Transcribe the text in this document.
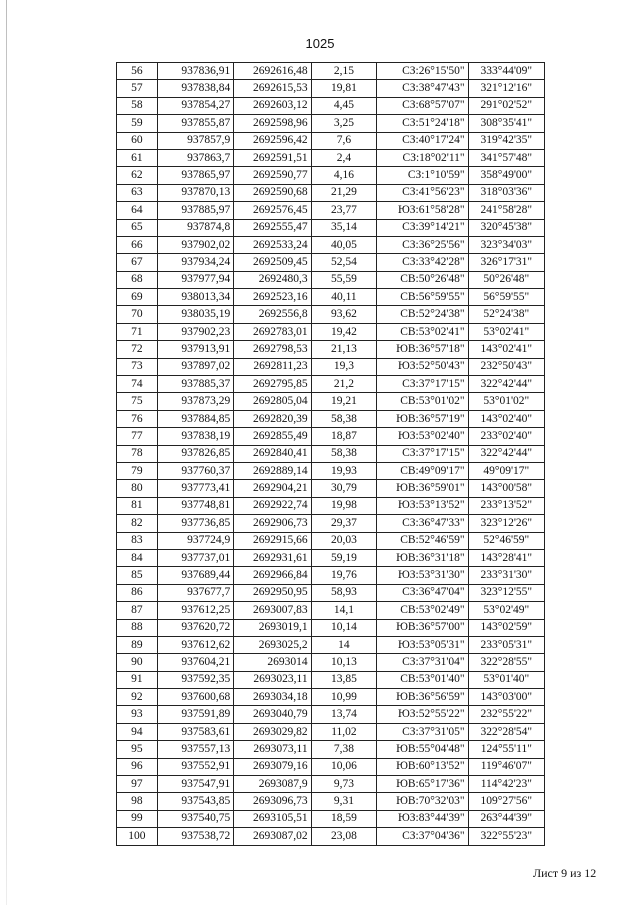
1025
56	937836,91	2692616,48	2,15	СЗ:26°15'50"	333°44'09"
57	937838,84	2692615,53	19,81	СЗ:38°47'43"	321°12'16"
58	937854,27	2692603,12	4,45	СЗ:68°57'07"	291°02'52"
59	937855,87	2692598,96	3,25	СЗ:51°24'18"	308°35'41"
60	937857,9	2692596,42	7,6	СЗ:40°17'24"	319°42'35"
61	937863,7	2692591,51	2,4	СЗ:18°02'11"	341°57'48"
62	937865,97	2692590,77	4,16	СЗ:1°10'59"	358°49'00"
63	937870,13	2692590,68	21,29	СЗ:41°56'23"	318°03'36"
64	937885,97	2692576,45	23,77	ЮЗ:61°58'28"	241°58'28"
65	937874,8	2692555,47	35,14	СЗ:39°14'21"	320°45'38"
66	937902,02	2692533,24	40,05	СЗ:36°25'56"	323°34'03"
67	937934,24	2692509,45	52,54	СЗ:33°42'28"	326°17'31"
68	937977,94	2692480,3	55,59	СВ:50°26'48"	50°26'48"
69	938013,34	2692523,16	40,11	СВ:56°59'55"	56°59'55"
70	938035,19	2692556,8	93,62	СВ:52°24'38"	52°24'38"
71	937902,23	2692783,01	19,42	СВ:53°02'41"	53°02'41"
72	937913,91	2692798,53	21,13	ЮВ:36°57'18"	143°02'41"
73	937897,02	2692811,23	19,3	ЮЗ:52°50'43"	232°50'43"
74	937885,37	2692795,85	21,2	СЗ:37°17'15"	322°42'44"
75	937873,29	2692805,04	19,21	СВ:53°01'02"	53°01'02"
76	937884,85	2692820,39	58,38	ЮВ:36°57'19"	143°02'40"
77	937838,19	2692855,49	18,87	ЮЗ:53°02'40"	233°02'40"
78	937826,85	2692840,41	58,38	СЗ:37°17'15"	322°42'44"
79	937760,37	2692889,14	19,93	СВ:49°09'17"	49°09'17"
80	937773,41	2692904,21	30,79	ЮВ:36°59'01"	143°00'58"
81	937748,81	2692922,74	19,98	ЮЗ:53°13'52"	233°13'52"
82	937736,85	2692906,73	29,37	СЗ:36°47'33"	323°12'26"
83	937724,9	2692915,66	20,03	СВ:52°46'59"	52°46'59"
84	937737,01	2692931,61	59,19	ЮВ:36°31'18"	143°28'41"
85	937689,44	2692966,84	19,76	ЮЗ:53°31'30"	233°31'30"
86	937677,7	2692950,95	58,93	СЗ:36°47'04"	323°12'55"
87	937612,25	2693007,83	14,1	СВ:53°02'49"	53°02'49"
88	937620,72	2693019,1	10,14	ЮВ:36°57'00"	143°02'59"
89	937612,62	2693025,2	14	ЮЗ:53°05'31"	233°05'31"
90	937604,21	2693014	10,13	СЗ:37°31'04"	322°28'55"
91	937592,35	2693023,11	13,85	СВ:53°01'40"	53°01'40"
92	937600,68	2693034,18	10,99	ЮВ:36°56'59"	143°03'00"
93	937591,89	2693040,79	13,74	ЮЗ:52°55'22"	232°55'22"
94	937583,61	2693029,82	11,02	СЗ:37°31'05"	322°28'54"
95	937557,13	2693073,11	7,38	ЮВ:55°04'48"	124°55'11"
96	937552,91	2693079,16	10,06	ЮВ:60°13'52"	119°46'07"
97	937547,91	2693087,9	9,73	ЮВ:65°17'36"	114°42'23"
98	937543,85	2693096,73	9,31	ЮВ:70°32'03"	109°27'56"
99	937540,75	2693105,51	18,59	ЮЗ:83°44'39"	263°44'39"
100	937538,72	2693087,02	23,08	СЗ:37°04'36"	322°55'23"
Лист 9 из 12
